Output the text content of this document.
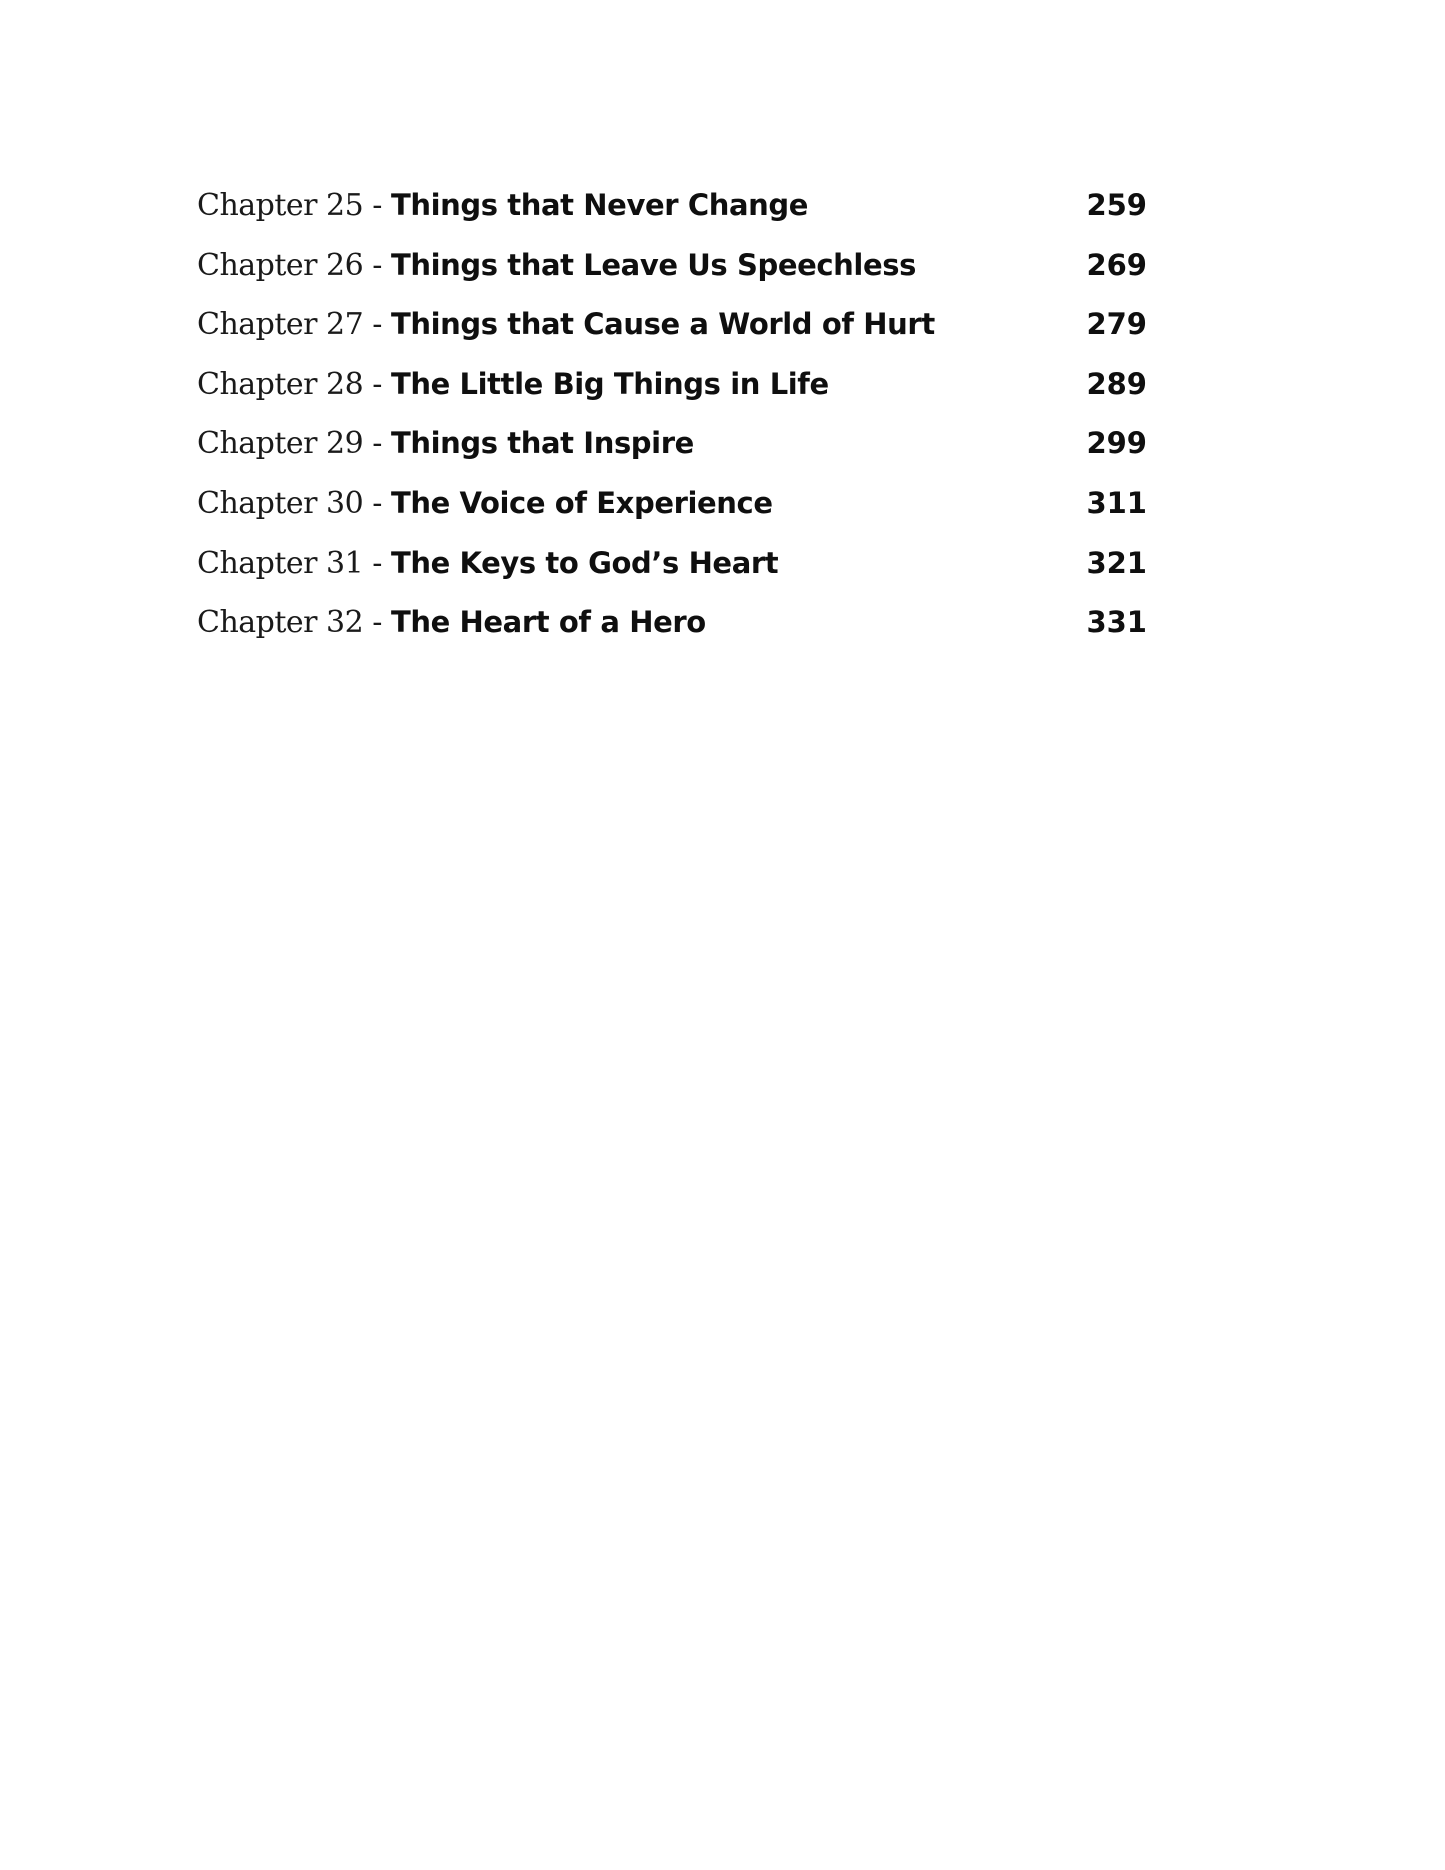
Chapter 25 - Things that Never Change	259
Chapter 26 - Things that Leave Us Speechless	269
Chapter 27 - Things that Cause a World of Hurt	279
Chapter 28 - The Little Big Things in Life	289
Chapter 29 - Things that Inspire	299
Chapter 30 - The Voice of Experience	311
Chapter 31 - The Keys to God’s Heart	321
Chapter 32 - The Heart of a Hero	331
